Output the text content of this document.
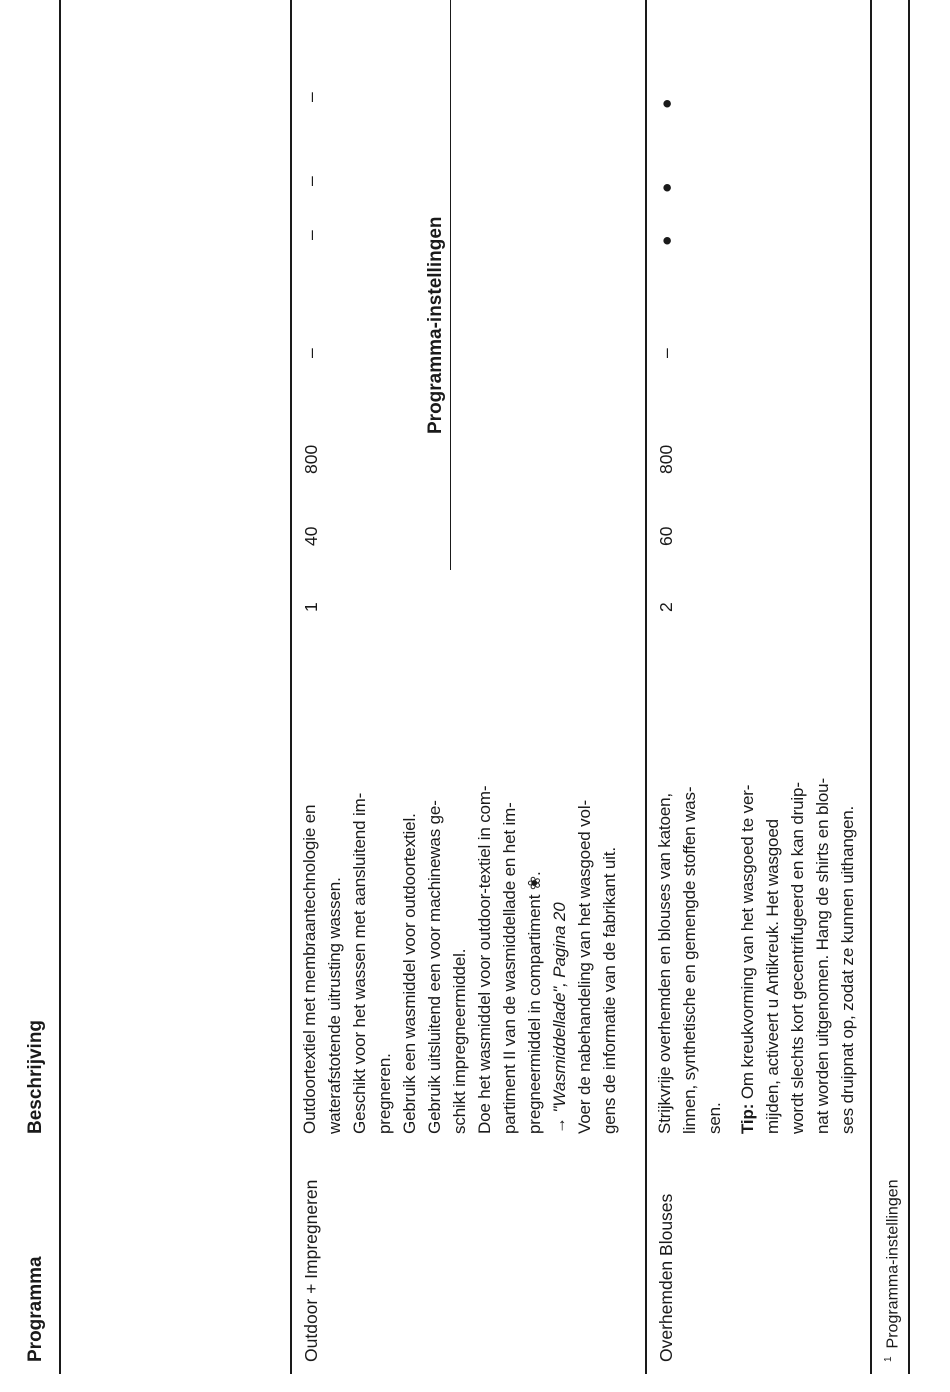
Programma
Beschrijving
Programma-instellingen
Outdoor + Impregneren
Outdoortextiel met membraantechnologie en waterafstotende uitrusting wassen. Geschikt voor het wassen met aansluitend im- pregneren. Gebruik een wasmiddel voor outdoortextiel. Gebruik uitsluitend een voor machinewas ge- schikt impregneermiddel. Doe het wasmiddel voor outdoor-textiel in com- partiment II van de wasmiddellade en het im- pregneermiddel in compartiment ❀. → "Wasmiddellade", Pagina 20 Voer de nabehandeling van het wasgoed vol- gens de informatie van de fabrikant uit.
1
40
800
–
–
–
–
Overhemden Blouses
Strijkvrije overhemden en blouses van katoen, linnen, synthetische en gemengde stoffen was- sen. Tip: Om kreukvorming van het wasgoed te ver- mijden, activeert u Antikreuk. Het wasgoed wordt slechts kort gecentrifugeerd en kan druip- nat worden uitgenomen. Hang de shirts en blou- ses druipnat op, zodat ze kunnen uithangen.
2
60
800
–
●
●
●
$^1$Programma-instellingen
